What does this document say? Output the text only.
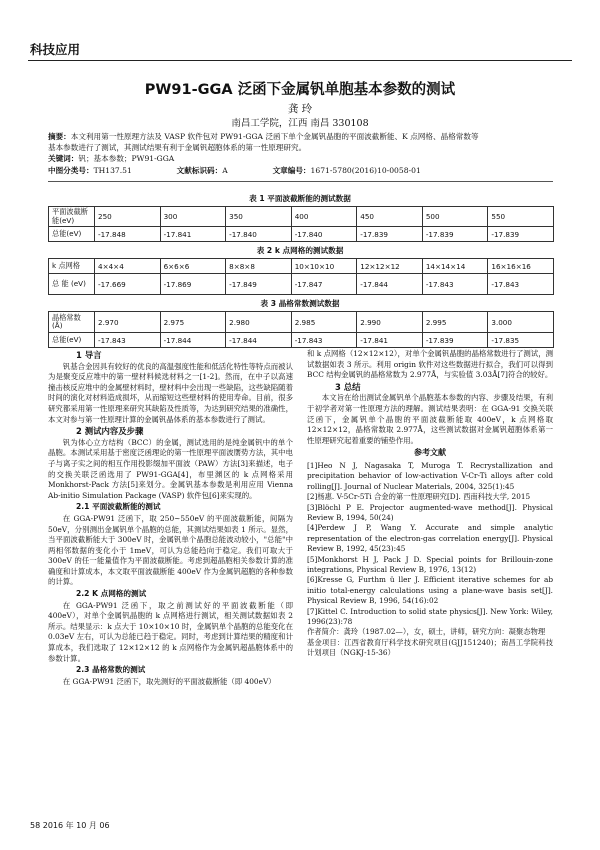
科技应用
PW91-GGA 泛函下金属钒单胞基本参数的测试
龚 玲
南昌工学院，江西 南昌 330108
摘要：本文利用第一性原理方法及 VASP 软件包对 PW91-GGA 泛函下单个金属钒晶胞的平面波截断能、K 点网格、晶格常数等
基本参数进行了测试，其测试结果有利于金属钒超胞体系的第一性原理研究。
关键词：钒；基本参数；PW91-GGA
中图分类号：TH137.51	文献标识码：A	文章编号：1671-5780(2016)10-0058-01
表 1 平面波截断能的测试数据
平面波截断能(eV)	250	300	350	400	450	500	550
总能(eV)	-17.848	-17.841	-17.840	-17.840	-17.839	-17.839	-17.839
表 2 k 点网格的测试数据
k 点网格	4×4×4	6×6×6	8×8×8	10×10×10	12×12×12	14×14×14	16×16×16
总 能 (eV)	-17.669	-17.869	-17.849	-17.847	-17.844	-17.843	-17.843
表 3 晶格常数测试数据
晶格常数(Å)	2.970	2.975	2.980	2.985	2.990	2.995	3.000
总能(eV)	-17.843	-17.844	-17.844	-17.843	-17.841	-17.839	-17.835
1 导言

钒基合金因具有较好的优良的高温强度性能和低活化特性等特点而被认为是聚变反应堆中的第一壁材料候选材料之一[1-2]。然而，在中子以高速撞击核反应堆中的金属壁材料时，壁材料中会出现一些缺陷，这些缺陷随着时间的演化对材料造成损坏，从而缩短这些壁材料的使用寿命。目前，很多研究都采用第一性原理来研究其缺陷及性质等，为达到研究结果的准确性，本文对参与第一性原理计算的金属钒晶体系的基本参数进行了测试。

2 测试内容及步骤

钒为体心立方结构（BCC）的金属，测试选用的是纯金属钒中的单个晶胞。本测试采用基于密度泛函理论的第一性原理平面波赝势方法，其中电子与离子实之间的相互作用投影缀加平面波（PAW）方法[3]来描述，电子的交换关联泛函选用了 PW91-GGA[4]，布里渊区的 k 点网格采用 Monkhorst-Pack 方法[5]来划分。金属钒基本参数是利用应用 Vienna Ab-initio Simulation Package (VASP) 软件包[6]来实现的。

2.1 平面波截断能的测试

在 GGA-PW91 泛函下，取 250~550eV 的平面波截断能，间隔为 50eV，分别测出金属钒单个晶胞的总能，其测试结果如表 1 所示。显然，当平面波截断能大于 300eV 时，金属钒单个晶胞总能波动较小，"总能"中两相邻数据的变化小于 1meV，可认为总能趋向于稳定。我们可取大于 300eV 的任一能量值作为平面波截断能。考虑到超晶胞相关参数计算的准确度和计算成本，本文取平面波截断能 400eV 作为金属钒超胞的各种参数的计算。

2.2 K 点网格的测试

在 GGA-PW91 泛函下，取之前测试好的平面波截断能（即 400eV），对单个金属钒晶胞的 k 点网格进行测试，相关测试数据如表 2 所示。结果显示：k 点大于 10×10×10 时，金属钒单个晶胞的总能变化在 0.03eV 左右，可认为总能已趋于稳定。同时，考虑到计算结果的精度和计算成本，我们选取了 12×12×12 的 k 点网格作为金属钒超晶胞体系中的参数计算。

2.3 晶格常数的测试

在 GGA-PW91 泛函下，取先测好的平面波截断能（即 400eV）

和 k 点网格（12×12×12），对单个金属钒晶胞的晶格常数进行了测试，测试数据如表 3 所示。利用 origin 软件对这些数据进行拟合，我们可以得到 BCC 结构金属钒的晶格常数为 2.977Å，与实验值 3.03Å[7]符合的较好。

3 总结

本文旨在给出测试金属钒单个晶胞基本参数的内容、步骤及结果，有利于初学者对第一性原理方法的理解。测试结果表明：在 GGA-91 交换关联泛函下，金属钒单个晶胞的平面波截断能取 400eV，k 点网格取 12×12×12，晶格常数取 2.977Å，这些测试数据对金属钒超胞体系第一性原理研究起着重要的铺垫作用。

参考文献

[1]Heo N J, Nagasaka T, Muroga T. Recrystallization and precipitation behavior of low-activation V-Cr-Ti alloys after cold rolling[J]. Journal of Nuclear Materials, 2004, 325(1):45

[2]杨惠. V-5Cr-5Ti 合金的第一性原理研究[D]. 西南科技大学, 2015

[3]Blöchl P E. Projector augmented-wave method[J]. Physical Review B, 1994, 50(24)

[4]Perdew J P, Wang Y. Accurate and simple analytic representation of the electron-gas correlation energy[J]. Physical Review B, 1992, 45(23):45

[5]Monkhorst H J, Pack J D. Special points for Brillouin-zone integrations, Physical Review B, 1976, 13(12)

[6]Kresse G, Furthm ü ller J. Efficient iterative schemes for ab initio total-energy calculations using a plane-wave basis set[J]. Physical Review B, 1996, 54(16):02

[7]Kittel C. Introduction to solid state physics[J]. New York: Wiley, 1996(23):78

作者简介：龚玲（1987.02—），女，硕士，讲师，研究方向：凝聚态物理

基金项目：江西省教育厅科学技术研究项目(GJJ151240)；南昌工学院科技计划项目（NGKJ-15-36）

58 2016 年 10 月 06
